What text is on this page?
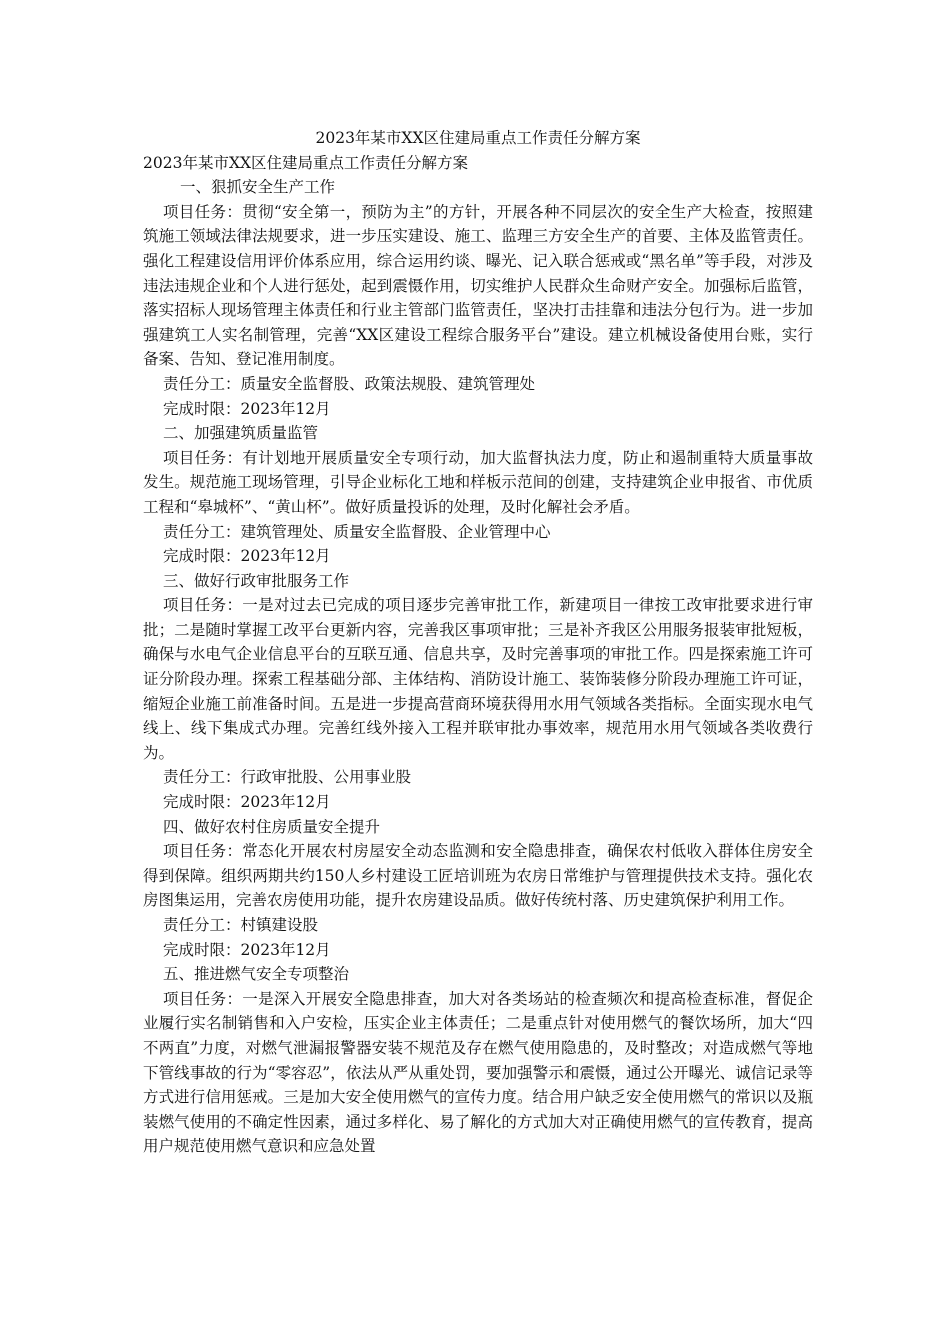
2023年某市XX区住建局重点工作责任分解方案

2023年某市XX区住建局重点工作责任分解方案

一、狠抓安全生产工作

项目任务：贯彻“安全第一，预防为主”的方针，开展各种不同层次的安全生产大检查，按照建筑施工领域法律法规要求，进一步压实建设、施工、监理三方安全生产的首要、主体及监管责任。强化工程建设信用评价体系应用，综合运用约谈、曝光、记入联合惩戒或“黑名单”等手段，对涉及违法违规企业和个人进行惩处，起到震慑作用，切实维护人民群众生命财产安全。加强标后监管，落实招标人现场管理主体责任和行业主管部门监管责任，坚决打击挂靠和违法分包行为。进一步加强建筑工人实名制管理，完善“XX区建设工程综合服务平台”建设。建立机械设备使用台账，实行备案、告知、登记准用制度。

责任分工：质量安全监督股、政策法规股、建筑管理处

完成时限：2023年12月

二、加强建筑质量监管

项目任务：有计划地开展质量安全专项行动，加大监督执法力度，防止和遏制重特大质量事故发生。规范施工现场管理，引导企业标化工地和样板示范间的创建，支持建筑企业申报省、市优质工程和“皋城杯”、“黄山杯”。做好质量投诉的处理，及时化解社会矛盾。

责任分工：建筑管理处、质量安全监督股、企业管理中心

完成时限：2023年12月

三、做好行政审批服务工作

项目任务：一是对过去已完成的项目逐步完善审批工作，新建项目一律按工改审批要求进行审批；二是随时掌握工改平台更新内容，完善我区事项审批；三是补齐我区公用服务报装审批短板，确保与水电气企业信息平台的互联互通、信息共享，及时完善事项的审批工作。四是探索施工许可证分阶段办理。探索工程基础分部、主体结构、消防设计施工、装饰装修分阶段办理施工许可证，缩短企业施工前准备时间。五是进一步提高营商环境获得用水用气领域各类指标。全面实现水电气线上、线下集成式办理。完善红线外接入工程并联审批办事效率，规范用水用气领域各类收费行为。

责任分工：行政审批股、公用事业股

完成时限：2023年12月

四、做好农村住房质量安全提升

项目任务：常态化开展农村房屋安全动态监测和安全隐患排查，确保农村低收入群体住房安全得到保障。组织两期共约150人乡村建设工匠培训班为农房日常维护与管理提供技术支持。强化农房图集运用，完善农房使用功能，提升农房建设品质。做好传统村落、历史建筑保护利用工作。

责任分工：村镇建设股

完成时限：2023年12月

五、推进燃气安全专项整治

项目任务：一是深入开展安全隐患排查，加大对各类场站的检查频次和提高检查标准，督促企业履行实名制销售和入户安检，压实企业主体责任；二是重点针对使用燃气的餐饮场所，加大“四不两直”力度，对燃气泄漏报警器安装不规范及存在燃气使用隐患的，及时整改；对造成燃气等地下管线事故的行为“零容忍”，依法从严从重处罚，要加强警示和震慑，通过公开曝光、诚信记录等方式进行信用惩戒。三是加大安全使用燃气的宣传力度。结合用户缺乏安全使用燃气的常识以及瓶装燃气使用的不确定性因素，通过多样化、易了解化的方式加大对正确使用燃气的宣传教育，提高用户规范使用燃气意识和应急处置
